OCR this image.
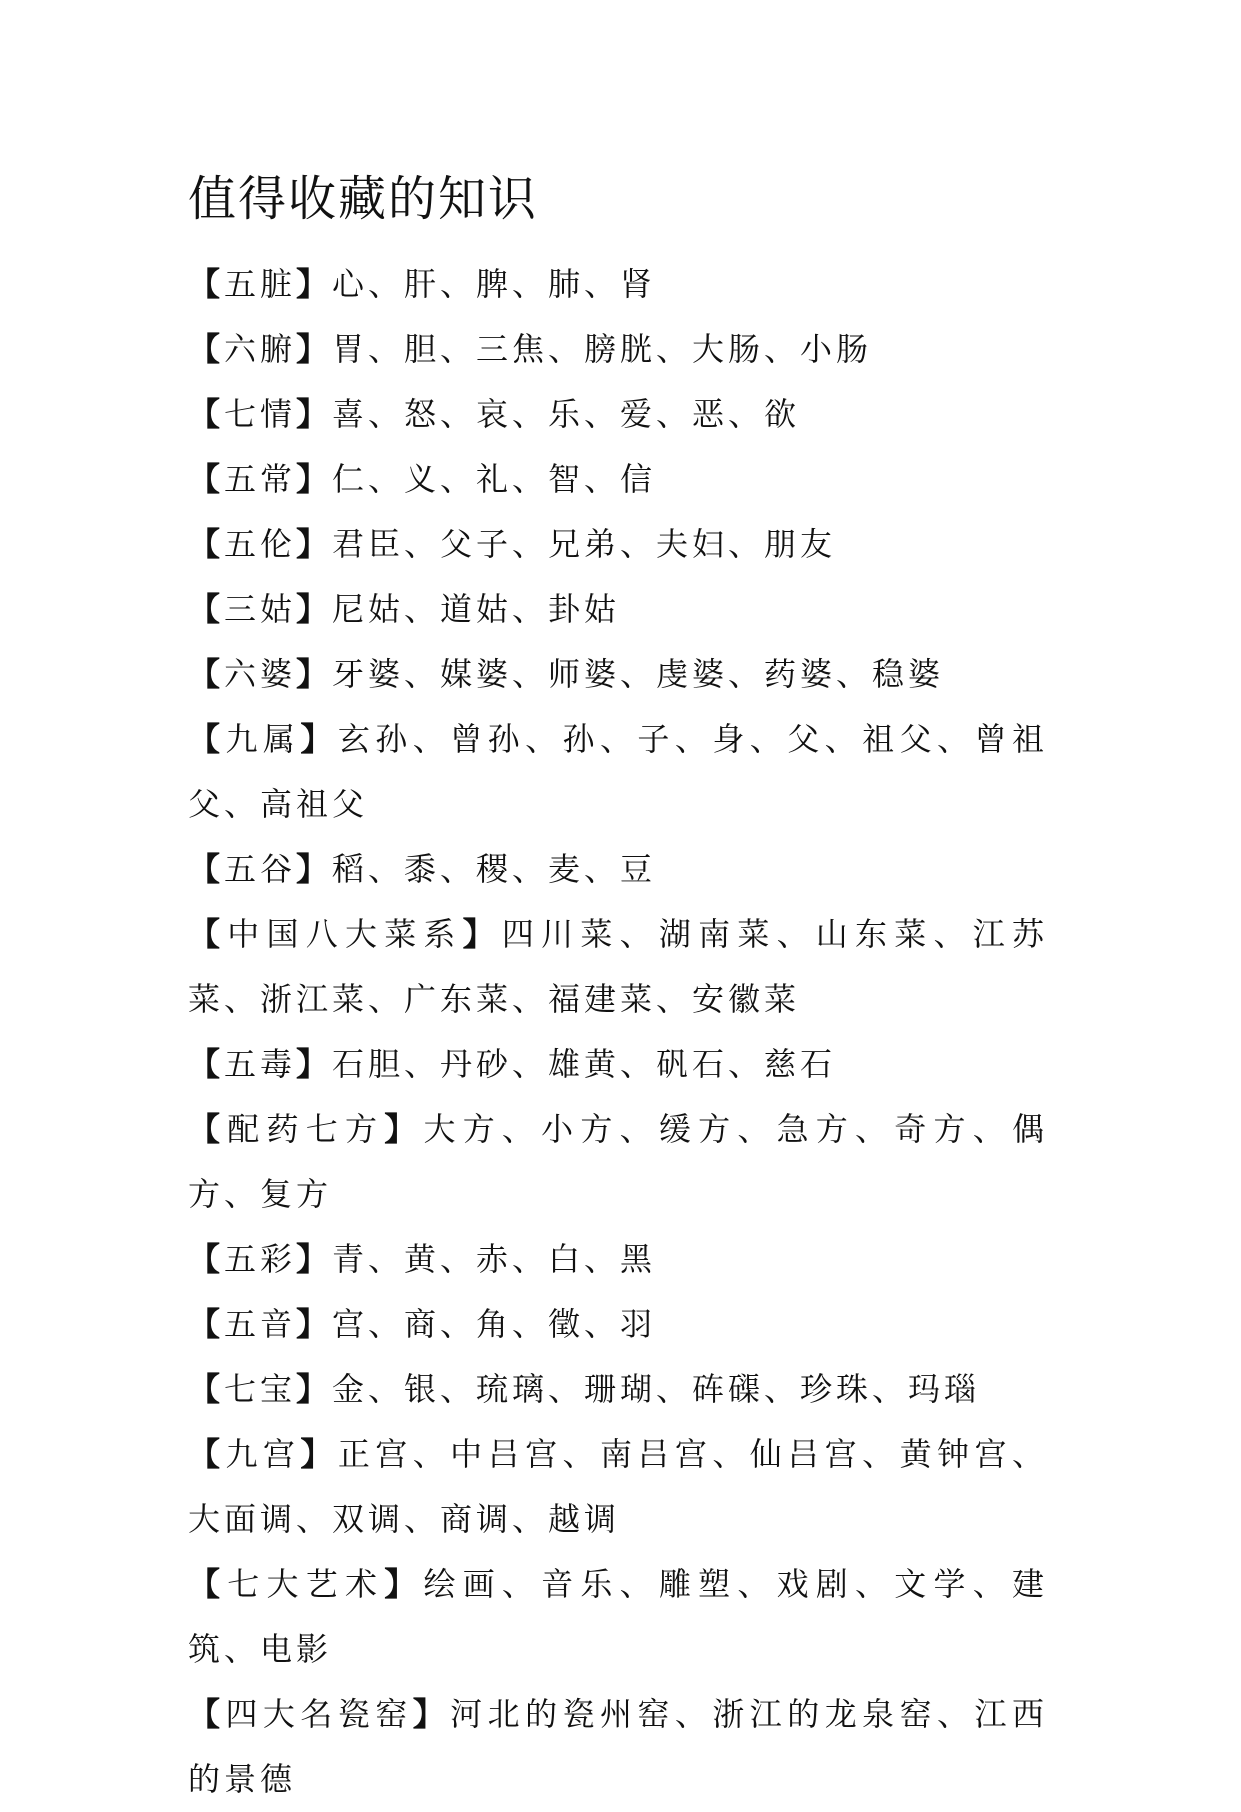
值得收藏的知识
【五脏】心、肝、脾、肺、肾
【六腑】胃、胆、三焦、膀胱、大肠、小肠
【七情】喜、怒、哀、乐、爱、恶、欲
【五常】仁、义、礼、智、信
【五伦】君臣、父子、兄弟、夫妇、朋友
【三姑】尼姑、道姑、卦姑
【六婆】牙婆、媒婆、师婆、虔婆、药婆、稳婆
【九属】玄孙、曾孙、孙、子、身、父、祖父、曾祖父、高祖父
【五谷】稻、黍、稷、麦、豆
【中国八大菜系】四川菜、湖南菜、山东菜、江苏菜、浙江菜、广东菜、福建菜、安徽菜
【五毒】石胆、丹砂、雄黄、矾石、慈石
【配药七方】大方、小方、缓方、急方、奇方、偶方、复方
【五彩】青、黄、赤、白、黑
【五音】宫、商、角、徵、羽
【七宝】金、银、琉璃、珊瑚、砗磲、珍珠、玛瑙
【九宫】正宫、中吕宫、南吕宫、仙吕宫、黄钟宫、大面调、双调、商调、越调
【七大艺术】绘画、音乐、雕塑、戏剧、文学、建筑、电影
【四大名瓷窑】河北的瓷州窑、浙江的龙泉窑、江西的景德
